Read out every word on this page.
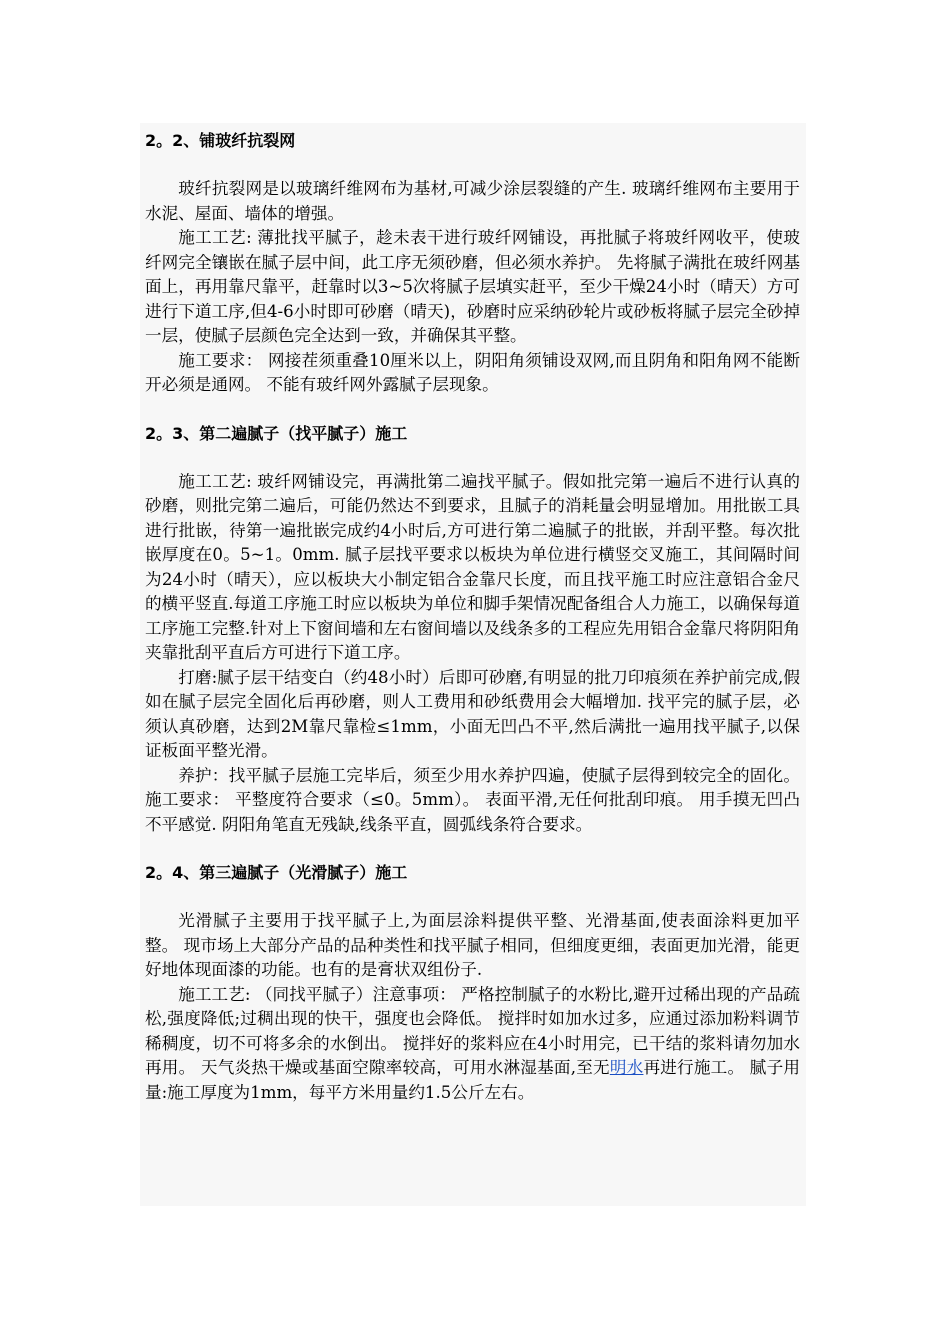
2。2、铺玻纤抗裂网

玻纤抗裂网是以玻璃纤维网布为基材,可减少涂层裂缝的产生. 玻璃纤维网布主要用于水泥、屋面、墙体的增强。

施工工艺: 薄批找平腻子，趁未表干进行玻纤网铺设，再批腻子将玻纤网收平，使玻纤网完全镶嵌在腻子层中间，此工序无须砂磨，但必须水养护。 先将腻子满批在玻纤网基面上，再用靠尺靠平，赶靠时以3~5次将腻子层填实赶平，至少干燥24小时（晴天）方可进行下道工序,但4-6小时即可砂磨（晴天)，砂磨时应采纳砂轮片或砂板将腻子层完全砂掉一层，使腻子层颜色完全达到一致，并确保其平整。

施工要求： 网接茬须重叠10厘米以上，阴阳角须铺设双网,而且阴角和阳角网不能断开必须是通网。 不能有玻纤网外露腻子层现象。

2。3、第二遍腻子（找平腻子）施工

施工工艺: 玻纤网铺设完，再满批第二遍找平腻子。假如批完第一遍后不进行认真的砂磨，则批完第二遍后，可能仍然达不到要求，且腻子的消耗量会明显增加。用批嵌工具进行批嵌，待第一遍批嵌完成约4小时后,方可进行第二遍腻子的批嵌，并刮平整。每次批嵌厚度在0。5~1。0mm. 腻子层找平要求以板块为单位进行横竖交叉施工，其间隔时间为24小时（晴天），应以板块大小制定铝合金靠尺长度，而且找平施工时应注意铝合金尺的横平竖直.每道工序施工时应以板块为单位和脚手架情况配备组合人力施工，以确保每道工序施工完整.针对上下窗间墙和左右窗间墙以及线条多的工程应先用铝合金靠尺将阴阳角夹靠批刮平直后方可进行下道工序。

打磨:腻子层干结变白（约48小时）后即可砂磨,有明显的批刀印痕须在养护前完成,假如在腻子层完全固化后再砂磨，则人工费用和砂纸费用会大幅增加. 找平完的腻子层，必须认真砂磨，达到2M靠尺靠检≤1mm，小面无凹凸不平,然后满批一遍用找平腻子,以保证板面平整光滑。

养护：找平腻子层施工完毕后，须至少用水养护四遍，使腻子层得到较完全的固化。 施工要求： 平整度符合要求（≤0。5mm）。 表面平滑,无任何批刮印痕。 用手摸无凹凸不平感觉. 阴阳角笔直无残缺,线条平直，圆弧线条符合要求。

2。4、第三遍腻子（光滑腻子）施工

光滑腻子主要用于找平腻子上,为面层涂料提供平整、光滑基面,使表面涂料更加平整。 现市场上大部分产品的品种类性和找平腻子相同，但细度更细，表面更加光滑，能更好地体现面漆的功能。也有的是膏状双组份子.

施工工艺: （同找平腻子）注意事项： 严格控制腻子的水粉比,避开过稀出现的产品疏松,强度降低;过稠出现的快干，强度也会降低。 搅拌时如加水过多，应通过添加粉料调节稀稠度，切不可将多余的水倒出。 搅拌好的浆料应在4小时用完，已干结的浆料请勿加水再用。 天气炎热干燥或基面空隙率较高，可用水淋湿基面,至无明水再进行施工。 腻子用量:施工厚度为1mm，每平方米用量约1.5公斤左右。
